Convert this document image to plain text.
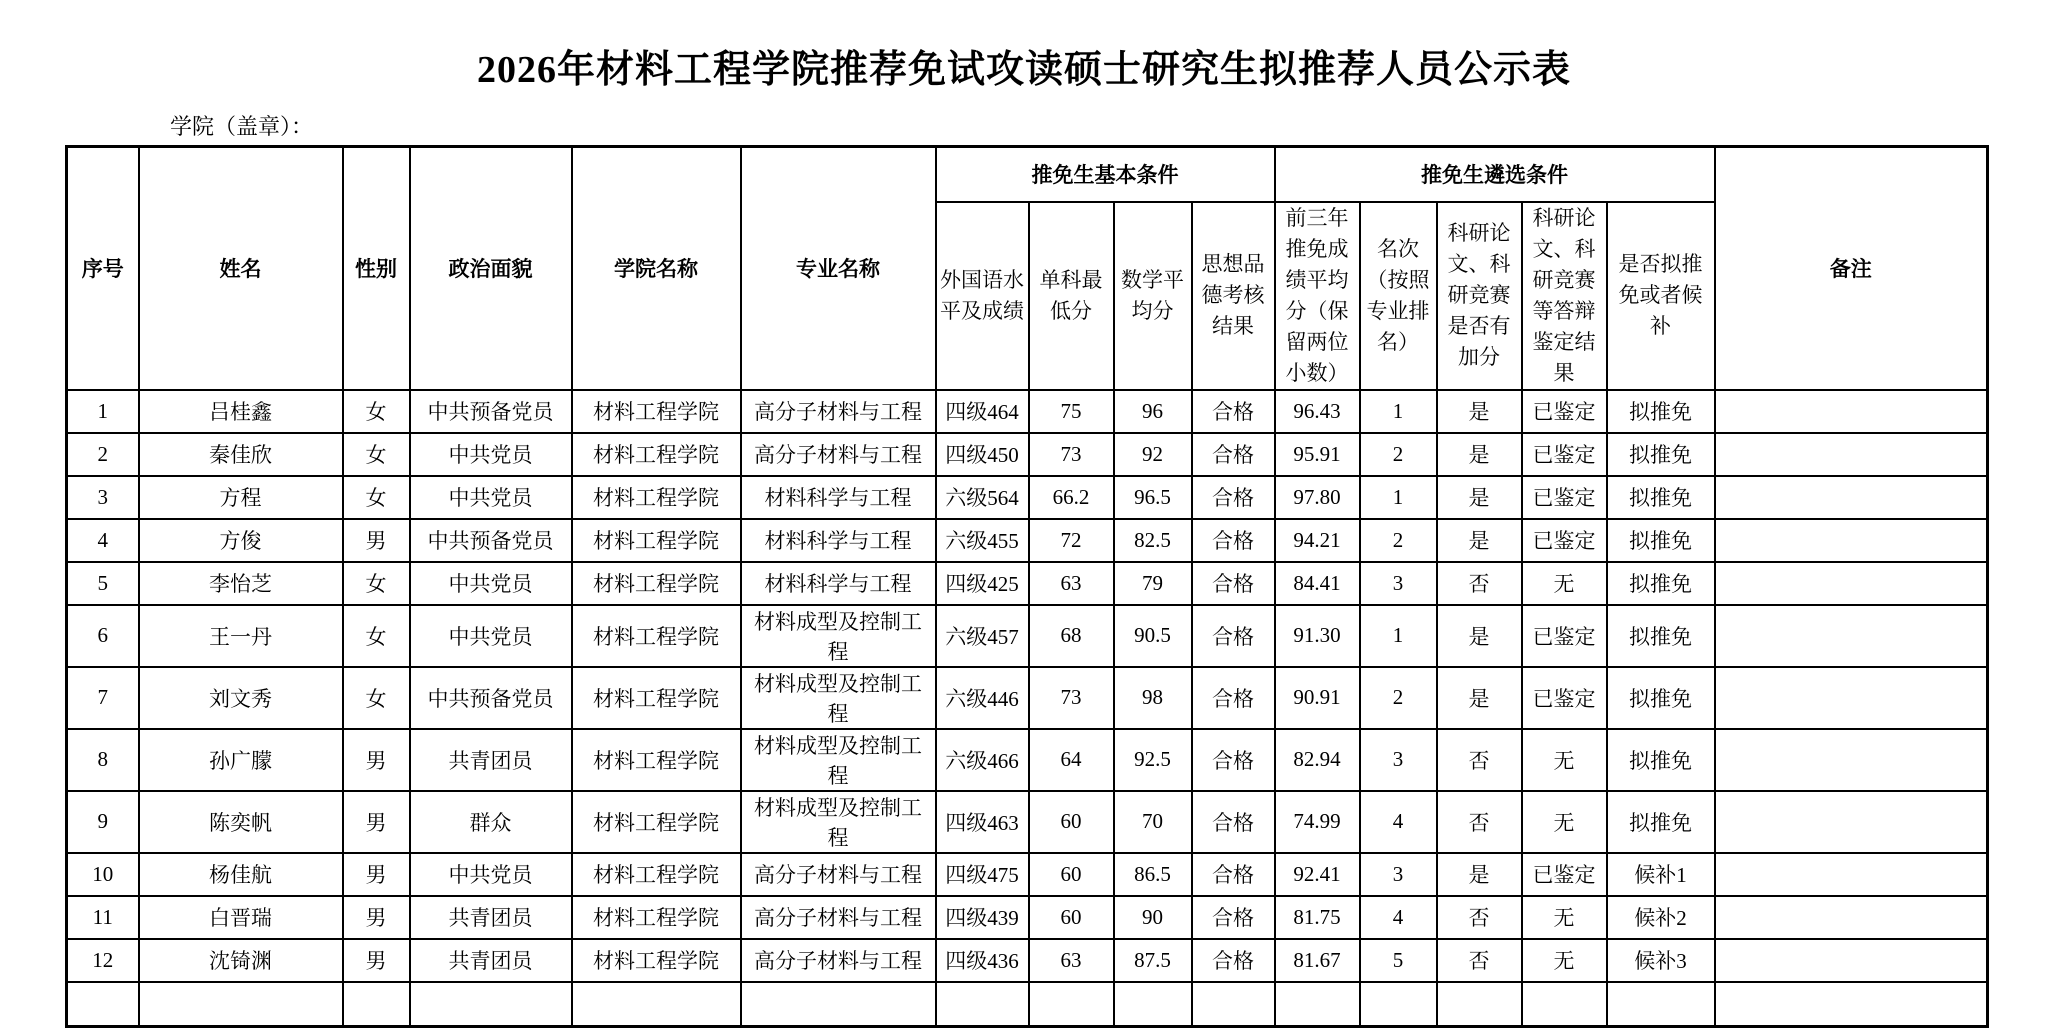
2026年材料工程学院推荐免试攻读硕士研究生拟推荐人员公示表
学院（盖章）：
序号	姓名	性别	政治面貌	学院名称	专业名称	推免生基本条件				推免生遴选条件					备注
						外国语水平及成绩	单科最低分	数学平均分	思想品德考核结果	前三年推免成绩平均分（保留两位小数）	名次（按照专业排名）	科研论文、科研竞赛是否有加分	科研论文、科研竞赛等答辩鉴定结果	是否拟推免或者候补	
1	吕桂鑫	女	中共预备党员	材料工程学院	高分子材料与工程	四级464	75	96	合格	96.43	1	是	已鉴定	拟推免	
2	秦佳欣	女	中共党员	材料工程学院	高分子材料与工程	四级450	73	92	合格	95.91	2	是	已鉴定	拟推免	
3	方程	女	中共党员	材料工程学院	材料科学与工程	六级564	66.2	96.5	合格	97.80	1	是	已鉴定	拟推免	
4	方俊	男	中共预备党员	材料工程学院	材料科学与工程	六级455	72	82.5	合格	94.21	2	是	已鉴定	拟推免	
5	李怡芝	女	中共党员	材料工程学院	材料科学与工程	四级425	63	79	合格	84.41	3	否	无	拟推免	
6	王一丹	女	中共党员	材料工程学院	材料成型及控制工程	六级457	68	90.5	合格	91.30	1	是	已鉴定	拟推免	
7	刘文秀	女	中共预备党员	材料工程学院	材料成型及控制工程	六级446	73	98	合格	90.91	2	是	已鉴定	拟推免	
8	孙广朦	男	共青团员	材料工程学院	材料成型及控制工程	六级466	64	92.5	合格	82.94	3	否	无	拟推免	
9	陈奕帆	男	群众	材料工程学院	材料成型及控制工程	四级463	60	70	合格	74.99	4	否	无	拟推免	
10	杨佳航	男	中共党员	材料工程学院	高分子材料与工程	四级475	60	86.5	合格	92.41	3	是	已鉴定	候补1	
11	白晋瑞	男	共青团员	材料工程学院	高分子材料与工程	四级439	60	90	合格	81.75	4	否	无	候补2	
12	沈锜渊	男	共青团员	材料工程学院	高分子材料与工程	四级436	63	87.5	合格	81.67	5	否	无	候补3	
